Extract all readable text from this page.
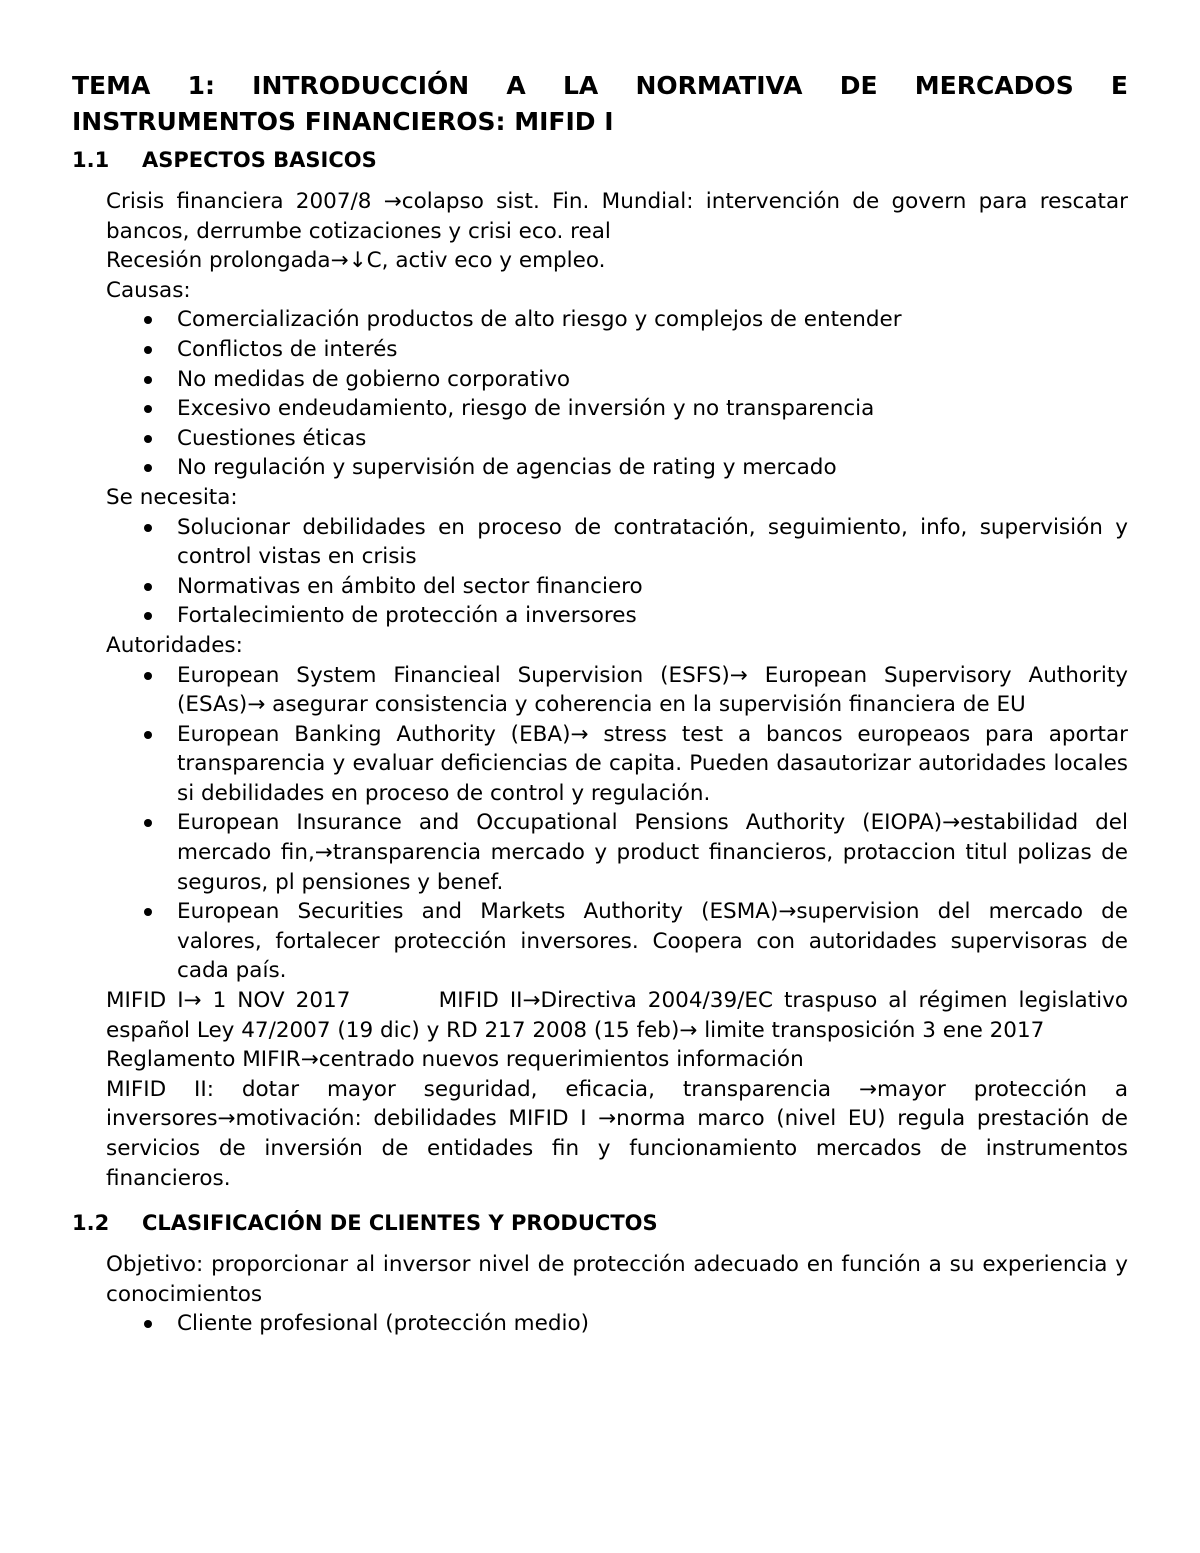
TEMA 1: INTRODUCCIÓN A LA NORMATIVA DE MERCADOS E INSTRUMENTOS FINANCIEROS: MIFID I
1.1	ASPECTOS BASICOS

Crisis financiera 2007/8 →colapso sist. Fin. Mundial: intervención de govern para rescatar bancos, derrumbe cotizaciones y crisi eco. real

Recesión prolongada→↓C, activ eco y empleo.

Causas:

Comercialización productos de alto riesgo y complejos de entender
Conflictos de interés
No medidas de gobierno corporativo
Excesivo endeudamiento, riesgo de inversión y no transparencia
Cuestiones éticas
No regulación y supervisión de agencias de rating y mercado

Se necesita:

Solucionar debilidades en proceso de contratación, seguimiento, info, supervisión y control vistas en crisis
Normativas en ámbito del sector financiero
Fortalecimiento de protección a inversores

Autoridades:

European System Financieal Supervision (ESFS)→ European Supervisory Authority (ESAs)→ asegurar consistencia y coherencia en la supervisión financiera de EU
European Banking Authority (EBA)→ stress test a bancos europeaos para aportar transparencia y evaluar deficiencias de capita. Pueden dasautorizar autoridades locales si debilidades en proceso de control y regulación.
European Insurance and Occupational Pensions Authority (EIOPA)→estabilidad del mercado fin,→transparencia mercado y product financieros, protaccion titul polizas de seguros, pl pensiones y benef.
European Securities and Markets Authority (ESMA)→supervision del mercado de valores, fortalecer protección inversores. Coopera con autoridades supervisoras de cada país.

MIFID I→ 1 NOV 2017        MIFID II→Directiva 2004/39/EC traspuso al régimen legislativo español Ley 47/2007 (19 dic) y RD 217 2008 (15 feb)→ limite transposición 3 ene 2017

Reglamento MIFIR→centrado nuevos requerimientos información

MIFID II: dotar mayor seguridad, eficacia, transparencia →mayor protección a inversores→motivación: debilidades MIFID I →norma marco (nivel EU) regula prestación de servicios de inversión de entidades fin y funcionamiento mercados de instrumentos financieros.

1.2	CLASIFICACIÓN DE CLIENTES Y PRODUCTOS

Objetivo: proporcionar al inversor nivel de protección adecuado en función a su experiencia y conocimientos

Cliente profesional (protección medio)
